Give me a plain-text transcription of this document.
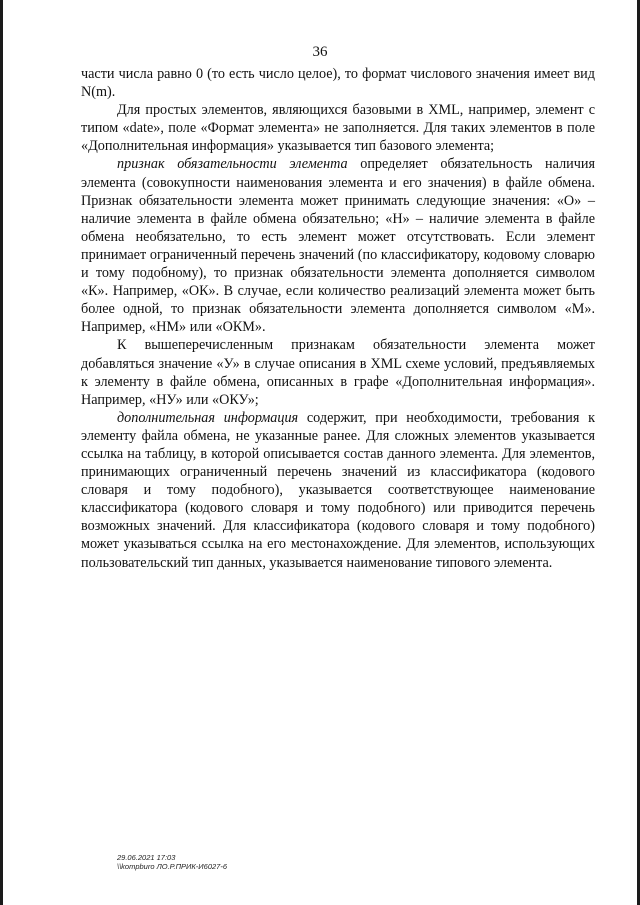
36

части числа равно 0 (то есть число целое), то формат числового значения имеет вид N(m).

Для простых элементов, являющихся базовыми в XML, например, элемент с типом «date», поле «Формат элемента» не заполняется. Для таких элементов в поле «Дополнительная информация» указывается тип базового элемента;

признак обязательности элемента определяет обязательность наличия элемента (совокупности наименования элемента и его значения) в файле обмена. Признак обязательности элемента может принимать следующие значения: «О» – наличие элемента в файле обмена обязательно; «Н» – наличие элемента в файле обмена необязательно, то есть элемент может отсутствовать. Если элемент принимает ограниченный перечень значений (по классификатору, кодовому словарю и тому подобному), то признак обязательности элемента дополняется символом «К». Например, «ОК». В случае, если количество реализаций элемента может быть более одной, то признак обязательности элемента дополняется символом «М». Например, «НМ» или «ОКМ».

К вышеперечисленным признакам обязательности элемента может добавляться значение «У» в случае описания в XML схеме условий, предъявляемых к элементу в файле обмена, описанных в графе «Дополнительная информация». Например, «НУ» или «ОКУ»;

дополнительная информация содержит, при необходимости, требования к элементу файла обмена, не указанные ранее. Для сложных элементов указывается ссылка на таблицу, в которой описывается состав данного элемента. Для элементов, принимающих ограниченный перечень значений из классификатора (кодового словаря и тому подобного), указывается соответствующее наименование классификатора (кодового словаря и тому подобного) или приводится перечень возможных значений. Для классификатора (кодового словаря и тому подобного) может указываться ссылка на его местонахождение. Для элементов, использующих пользовательский тип данных, указывается наименование типового элемента.

29.06.2021 17:03
\\kompburo ЛО.Р.ПРИК-И6027-6
